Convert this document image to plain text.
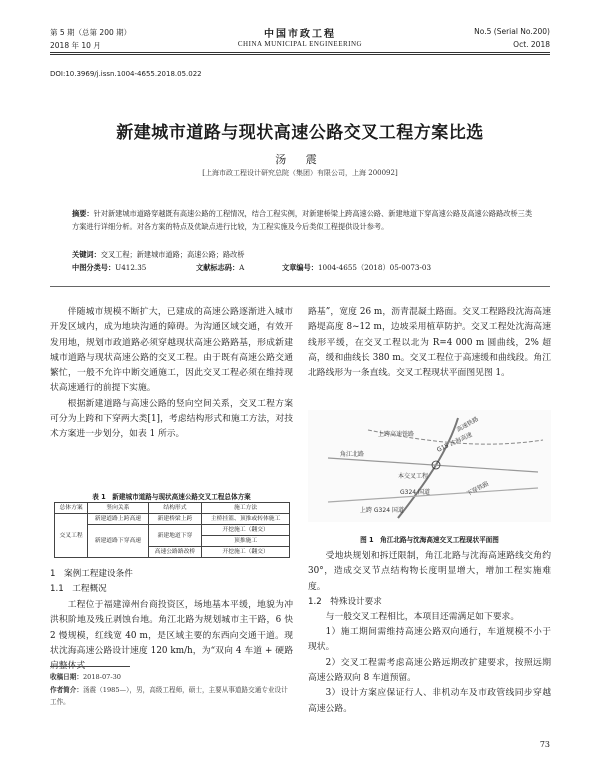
第 5 期（总第 200 期）
2018 年 10 月
中国市政工程
CHINA MUNICIPAL ENGINEERING
No.5 (Serial No.200)
Oct. 2018
DOI:10.3969/j.issn.1004-4655.2018.05.022
新建城市道路与现状高速公路交叉工程方案比选
汤 震
[上海市政工程设计研究总院（集团）有限公司，上海 200092]
摘要：针对新建城市道路穿越既有高速公路的工程情况，结合工程实例，对新建桥梁上跨高速公路、新建地道下穿高速公路及高速公路路改桥三类方案进行详细分析。对各方案的特点及优缺点进行比较，为工程实施及今后类似工程提供设计参考。
关键词：交叉工程；新建城市道路；高速公路；路改桥
中图分类号：U412.35	文献标志码：A	文章编号：1004-4655（2018）05-0073-03

伴随城市规模不断扩大，已建成的高速公路逐渐进入城市开发区域内，成为地块沟通的障碍。为沟通区域交通，有效开发用地，规划市政道路必须穿越现状高速公路路基，形成新建城市道路与现状高速公路的交叉工程。由于既有高速公路交通繁忙，一般不允许中断交通施工，因此交叉工程必须在维持现状高速通行的前提下实施。

根据新建道路与高速公路的竖向空间关系，交叉工程方案可分为上跨和下穿两大类[1]，考虑结构形式和施工方法，对技术方案进一步划分，如表 1 所示。

表 1　新建城市道路与现状高速公路交叉工程总体方案
总体方案	竖向关系	结构形式	施工方法
交叉工程	新建道路上跨高速	新建桥梁上跨	主桥挂篮、顶推或转体施工
	新建道路下穿高速	新建地道下穿	开挖施工（翻交）
			顶推施工
		高速公路路改桥	开挖施工（翻交）
1　案例工程建设条件
1.1　工程概况

工程位于福建漳州台商投资区，场地基本平缓，地貌为冲洪积阶地及残丘剥蚀台地。角江北路为规划城市主干路，6 快 2 慢规模，红线宽 40 m，是区域主要的东西向交通干道。现状沈海高速公路设计速度 120 km/h，为“双向 4 车道 + 硬路肩整体式

收稿日期：2018-07-30
作者简介：汤震（1985—），男，高级工程师，硕士，主要从事道路交通专业设计工作。

路基”，宽度 26 m，沥青混凝土路面。交叉工程路段沈海高速路堤高度 8~12 m，边坡采用植草防护。交叉工程处沈海高速线形平缓，在交叉工程以北为 R=4 000 m 圆曲线，2% 超高，缓和曲线长 380 m。交叉工程位于高速缓和曲线段。角江北路线形为一条直线。交叉工程现状平面图见图 1。

上跨高速铁路
高速铁路
G15 沈海高速
角江北路
本交叉工程
G324 国道
上跨 G324 国道
下穿铁路
图 1　角江北路与沈海高速交叉工程现状平面图

受地块规划和拆迁限制，角江北路与沈海高速路线交角约 30°，造成交叉节点结构物长度明显增大，增加工程实施难度。

1.2　特殊设计要求

与一般交叉工程相比，本项目还需满足如下要求。

1）施工期间需维持高速公路双向通行，车道规模不小于现状。

2）交叉工程需考虑高速公路远期改扩建要求，按照远期高速公路双向 8 车道预留。

3）设计方案应保证行人、非机动车及市政管线同步穿越高速公路。

73
